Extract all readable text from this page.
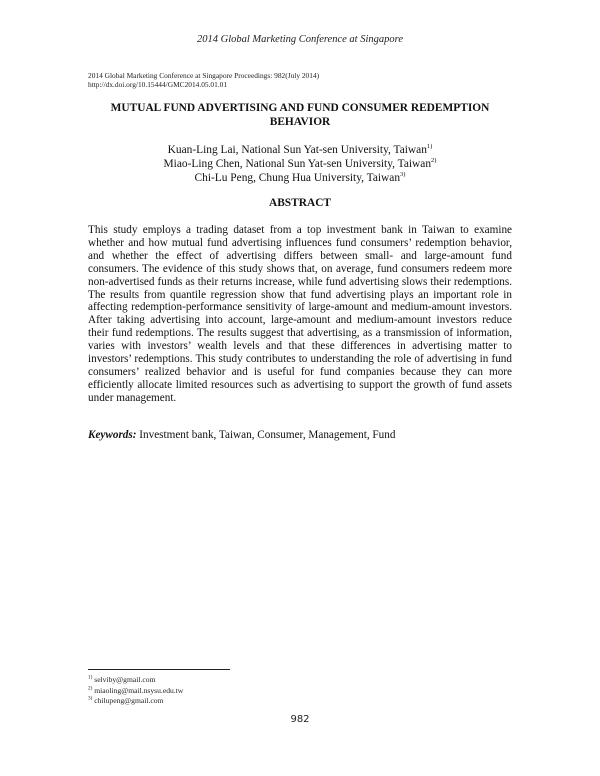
2014 Global Marketing Conference at Singapore
2014 Global Marketing Conference at Singapore Proceedings: 982(July 2014)
http://dx.doi.org/10.15444/GMC2014.05.01.01
MUTUAL FUND ADVERTISING AND FUND CONSUMER REDEMPTION
BEHAVIOR
Kuan-Ling Lai, National Sun Yat-sen University, Taiwan$^{1)}$
Miao-Ling Chen, National Sun Yat-sen University, Taiwan$^{2)}$
Chi-Lu Peng, Chung Hua University, Taiwan$^{3)}$
ABSTRACT
This study employs a trading dataset from a top investment bank in Taiwan to examine whether and how mutual fund advertising influences fund consumers’ redemption behavior, and whether the effect of advertising differs between small- and large-amount fund consumers. The evidence of this study shows that, on average, fund consumers redeem more non-advertised funds as their returns increase, while fund advertising slows their redemptions. The results from quantile regression show that fund advertising plays an important role in affecting redemption-performance sensitivity of large-amount and medium-amount investors. After taking advertising into account, large-amount and medium-amount investors reduce their fund redemptions. The results suggest that advertising, as a transmission of information, varies with investors’ wealth levels and that these differences in advertising matter to investors’ redemptions. This study contributes to understanding the role of advertising in fund consumers’ realized behavior and is useful for fund companies because they can more efficiently allocate limited resources such as advertising to support the growth of fund assets under management.
Keywords: Investment bank, Taiwan, Consumer, Management, Fund
$^{1)}$ selviby@gmail.com
$^{2)}$ miaoling@mail.nsysu.edu.tw
$^{3)}$ chilupeng@gmail.com
982
